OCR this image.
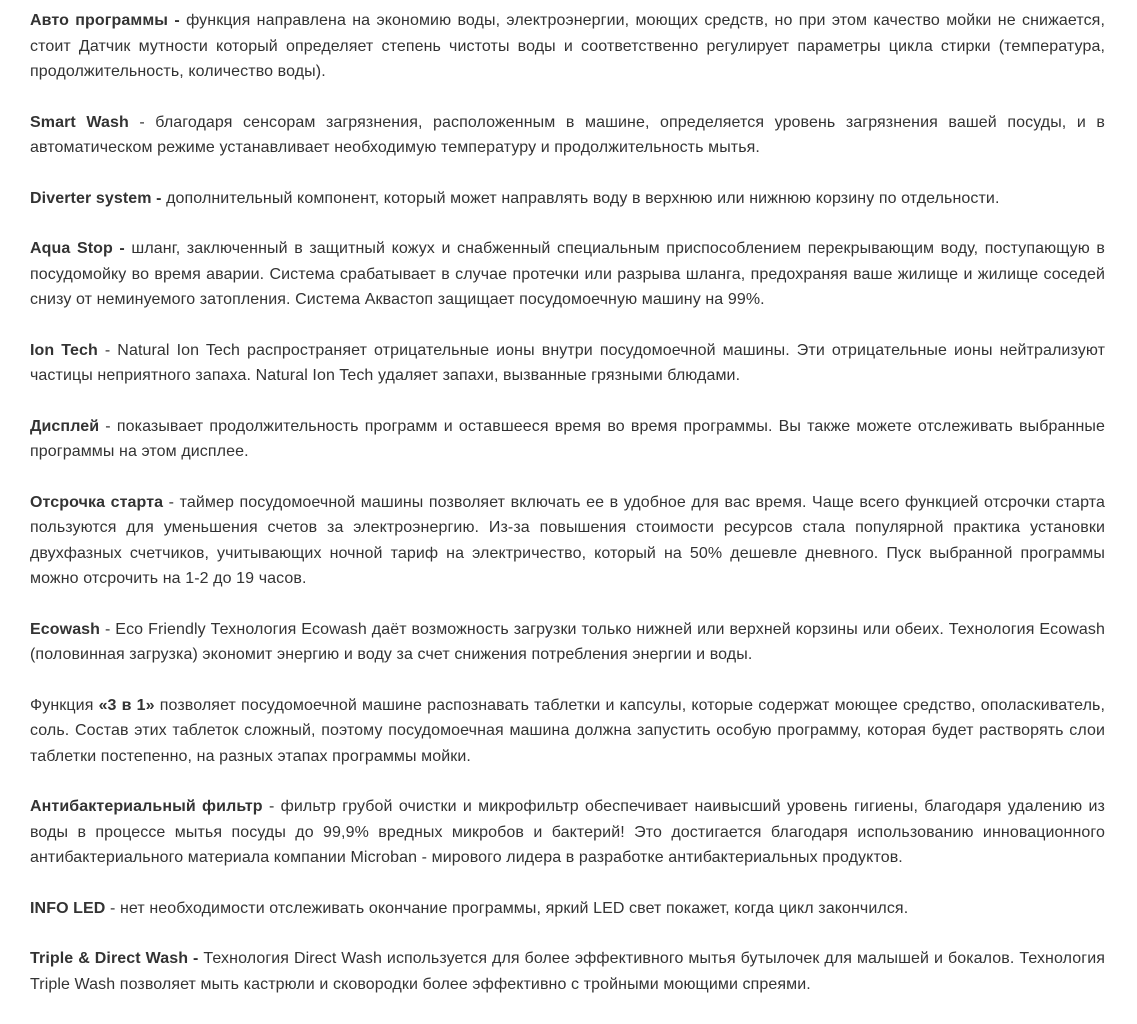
Авто программы - функция направлена на экономию воды, электроэнергии, моющих средств, но при этом качество мойки не снижается, стоит Датчик мутности который определяет степень чистоты воды и соответственно регулирует параметры цикла стирки (температура, продолжительность, количество воды).

Smart Wash - благодаря сенсорам загрязнения, расположенным в машине, определяется уровень загрязнения вашей посуды, и в автоматическом режиме устанавливает необходимую температуру и продолжительность мытья.

Diverter system - дополнительный компонент, который может направлять воду в верхнюю или нижнюю корзину по отдельности.

Aqua Stop - шланг, заключенный в защитный кожух и снабженный специальным приспособлением перекрывающим воду, поступающую в посудомойку во время аварии. Система срабатывает в случае протечки или разрыва шланга, предохраняя ваше жилище и жилище соседей снизу от неминуемого затопления. Система Аквастоп защищает посудомоечную машину на 99%.

Ion Tech - Natural Ion Tech распространяет отрицательные ионы внутри посудомоечной машины. Эти отрицательные ионы нейтрализуют частицы неприятного запаха. Natural Ion Tech удаляет запахи, вызванные грязными блюдами.

Дисплей - показывает продолжительность программ и оставшееся время во время программы. Вы также можете отслеживать выбранные программы на этом дисплее.

Отсрочка старта - таймер посудомоечной машины позволяет включать ее в удобное для вас время. Чаще всего функцией отсрочки старта пользуются для уменьшения счетов за электроэнергию. Из-за повышения стоимости ресурсов стала популярной практика установки двухфазных счетчиков, учитывающих ночной тариф на электричество, который на 50% дешевле дневного. Пуск выбранной программы можно отсрочить на 1-2 до 19 часов.

Ecowash - Eco Friendly Технология Ecowash даёт возможность загрузки только нижней или верхней корзины или обеих. Технология Ecowash (половинная загрузка) экономит энергию и воду за счет снижения потребления энергии и воды.

Функция «3 в 1» позволяет посудомоечной машине распознавать таблетки и капсулы, которые содержат моющее средство, ополаскиватель, соль. Состав этих таблеток сложный, поэтому посудомоечная машина должна запустить особую программу, которая будет растворять слои таблетки постепенно, на разных этапах программы мойки.

Антибактериальный фильтр - фильтр грубой очистки и микрофильтр обеспечивает наивысший уровень гигиены, благодаря удалению из воды в процессе мытья посуды до 99,9% вредных микробов и бактерий! Это достигается благодаря использованию инновационного антибактериального материала компании Microban - мирового лидера в разработке антибактериальных продуктов.

INFO LED - нет необходимости отслеживать окончание программы, яркий LED свет покажет, когда цикл закончился.

Triple & Direct Wash - Технология Direct Wash используется для более эффективного мытья бутылочек для малышей и бокалов. Технология Triple Wash позволяет мыть кастрюли и сковородки более эффективно с тройными моющими спреями.
